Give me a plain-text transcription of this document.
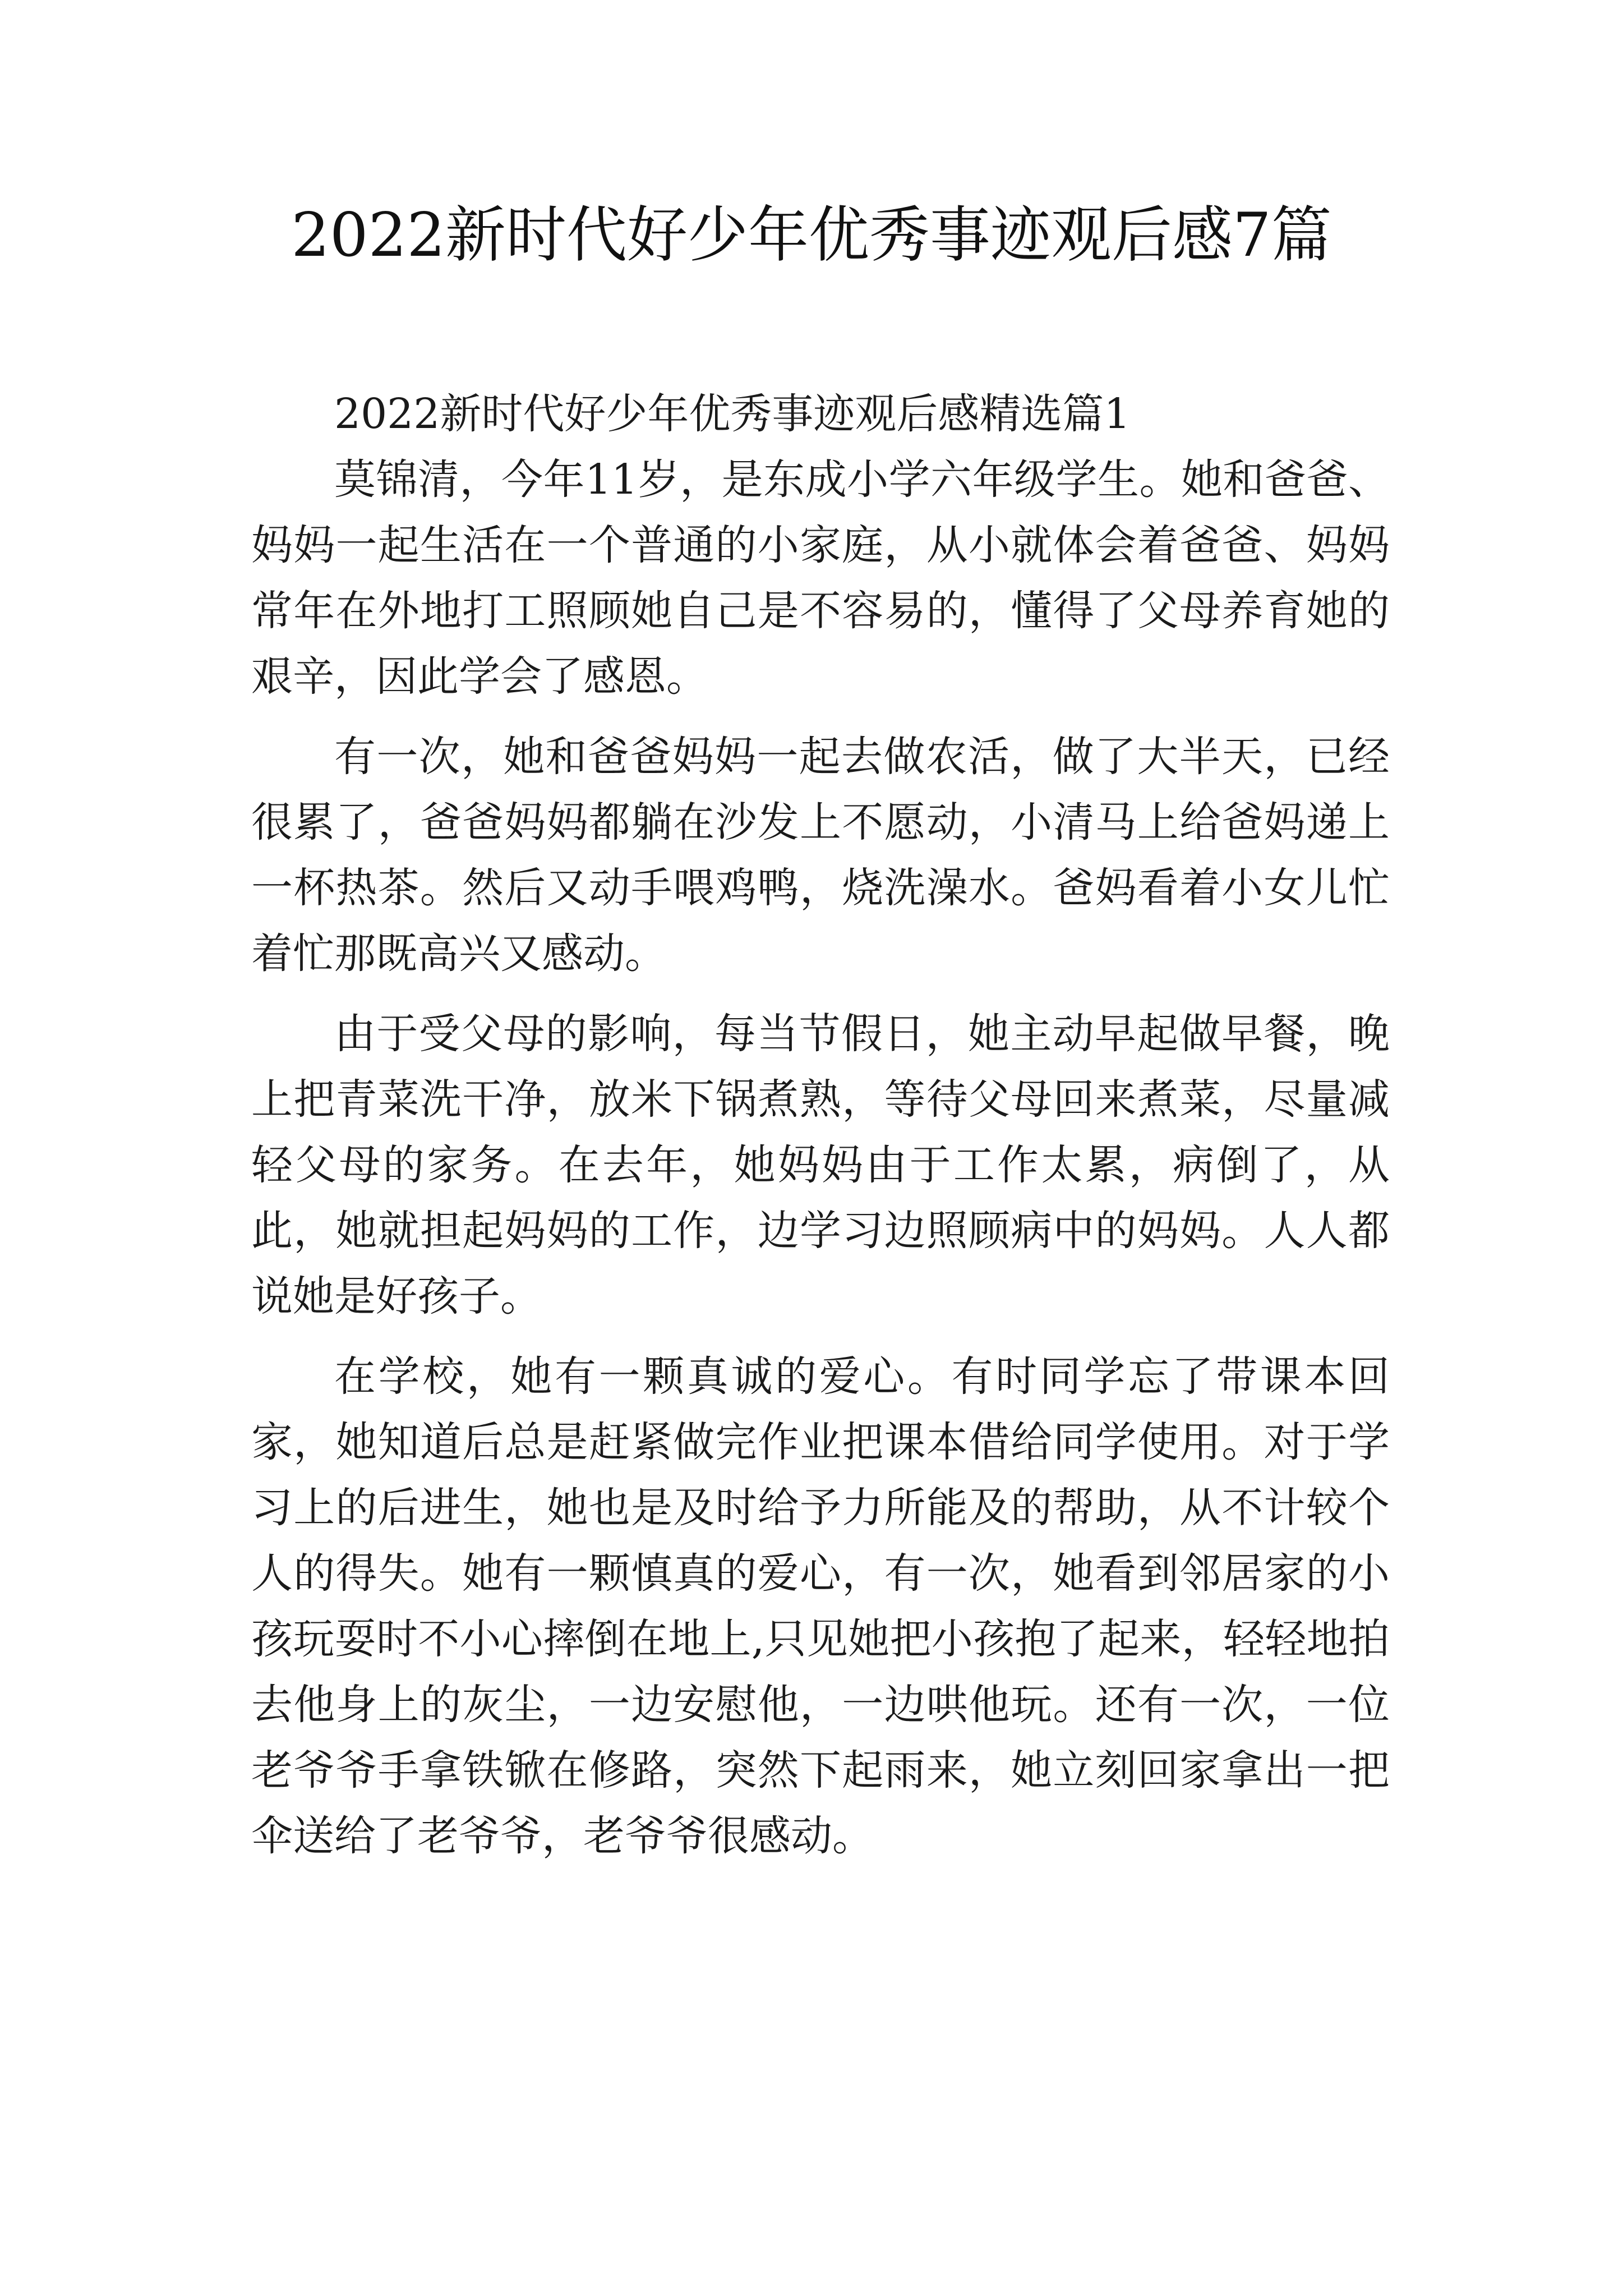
2022新时代好少年优秀事迹观后感7篇

2022新时代好少年优秀事迹观后感精选篇1

莫锦清，今年11岁，是东成小学六年级学生。她和爸爸、妈妈一起生活在一个普通的小家庭，从小就体会着爸爸、妈妈常年在外地打工照顾她自己是不容易的，懂得了父母养育她的艰辛，因此学会了感恩。

有一次，她和爸爸妈妈一起去做农活，做了大半天，已经很累了，爸爸妈妈都躺在沙发上不愿动，小清马上给爸妈递上一杯热茶。然后又动手喂鸡鸭，烧洗澡水。爸妈看着小女儿忙着忙那既高兴又感动。

由于受父母的影响，每当节假日，她主动早起做早餐，晚上把青菜洗干净，放米下锅煮熟，等待父母回来煮菜，尽量减轻父母的家务。在去年，她妈妈由于工作太累，病倒了，从此，她就担起妈妈的工作，边学习边照顾病中的妈妈。人人都说她是好孩子。

在学校，她有一颗真诚的爱心。有时同学忘了带课本回家，她知道后总是赶紧做完作业把课本借给同学使用。对于学习上的后进生，她也是及时给予力所能及的帮助，从不计较个人的得失。她有一颗慎真的爱心，有一次，她看到邻居家的小孩玩耍时不小心摔倒在地上,只见她把小孩抱了起来，轻轻地拍去他身上的灰尘，一边安慰他，一边哄他玩。还有一次，一位老爷爷手拿铁锨在修路，突然下起雨来，她立刻回家拿出一把伞送给了老爷爷，老爷爷很感动。
